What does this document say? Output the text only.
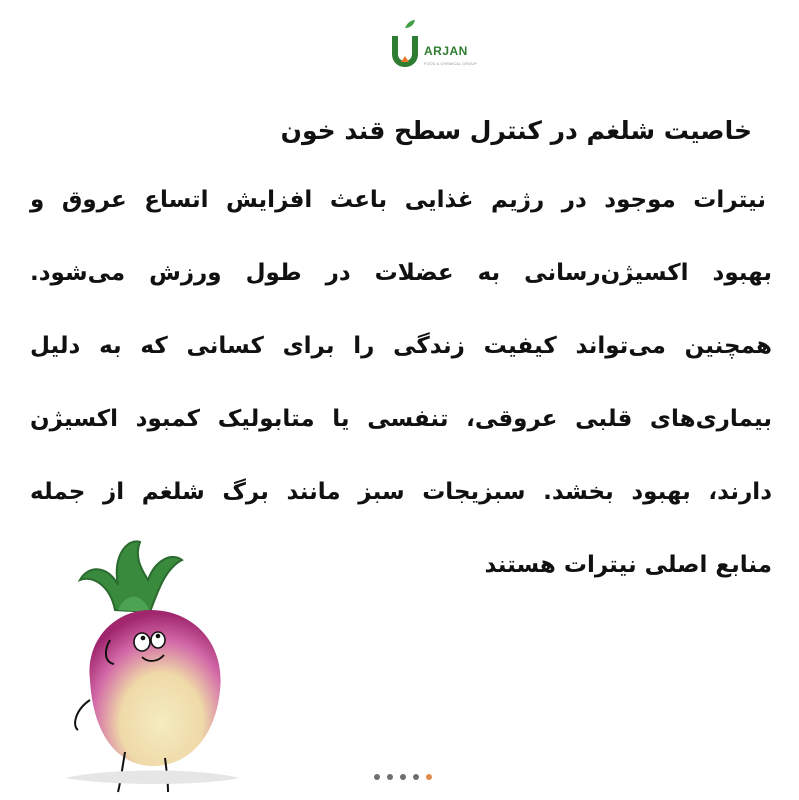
ARJAN
FOOD & CHEMICAL GROUP
خاصیت شلغم در کنترل سطح قند خون
نیترات موجود در رژیم غذایی باعث افزایش اتساع عروق و
بهبود اکسیژن‌رسانی به عضلات در طول ورزش می‌شود.
همچنین می‌تواند کیفیت زندگی را برای کسانی که به دلیل
بیماری‌های قلبی عروقی، تنفسی یا متابولیک کمبود اکسیژن
دارند، بهبود بخشد. سبزیجات سبز مانند برگ شلغم از جمله
منابع اصلی نیترات هستند
